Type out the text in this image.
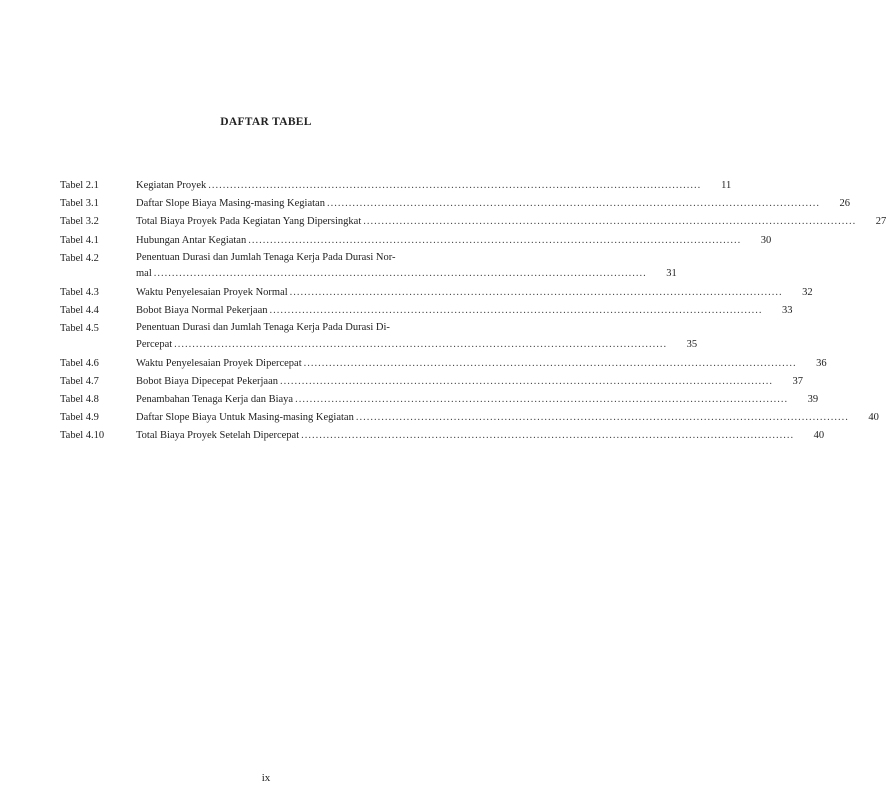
DAFTAR TABEL
Tabel 2.1	Kegiatan Proyek .....	11
Tabel 3.1	Daftar Slope Biaya Masing-masing Kegiatan .....	26
Tabel 3.2	Total Biaya Proyek Pada Kegiatan Yang Dipersingkat .....	27
Tabel 4.1	Hubungan Antar Kegiatan .....	30
Tabel 4.2	Penentuan Durasi dan Jumlah Tenaga Kerja Pada Durasi Nor-
mal .....	31
Tabel 4.3	Waktu Penyelesaian Proyek Normal .....	32
Tabel 4.4	Bobot Biaya Normal Pekerjaan .....	33
Tabel 4.5	Penentuan Durasi dan Jumlah Tenaga Kerja Pada Durasi Di-
Percepat .....	35
Tabel 4.6	Waktu Penyelesaian Proyek Dipercepat .....	36
Tabel 4.7	Bobot Biaya Dipecepat Pekerjaan .....	37
Tabel 4.8	Penambahan Tenaga Kerja dan Biaya .....	39
Tabel 4.9	Daftar Slope Biaya Untuk Masing-masing Kegiatan .....	40
Tabel 4.10	Total Biaya Proyek Setelah Dipercepat .....	40
ix
